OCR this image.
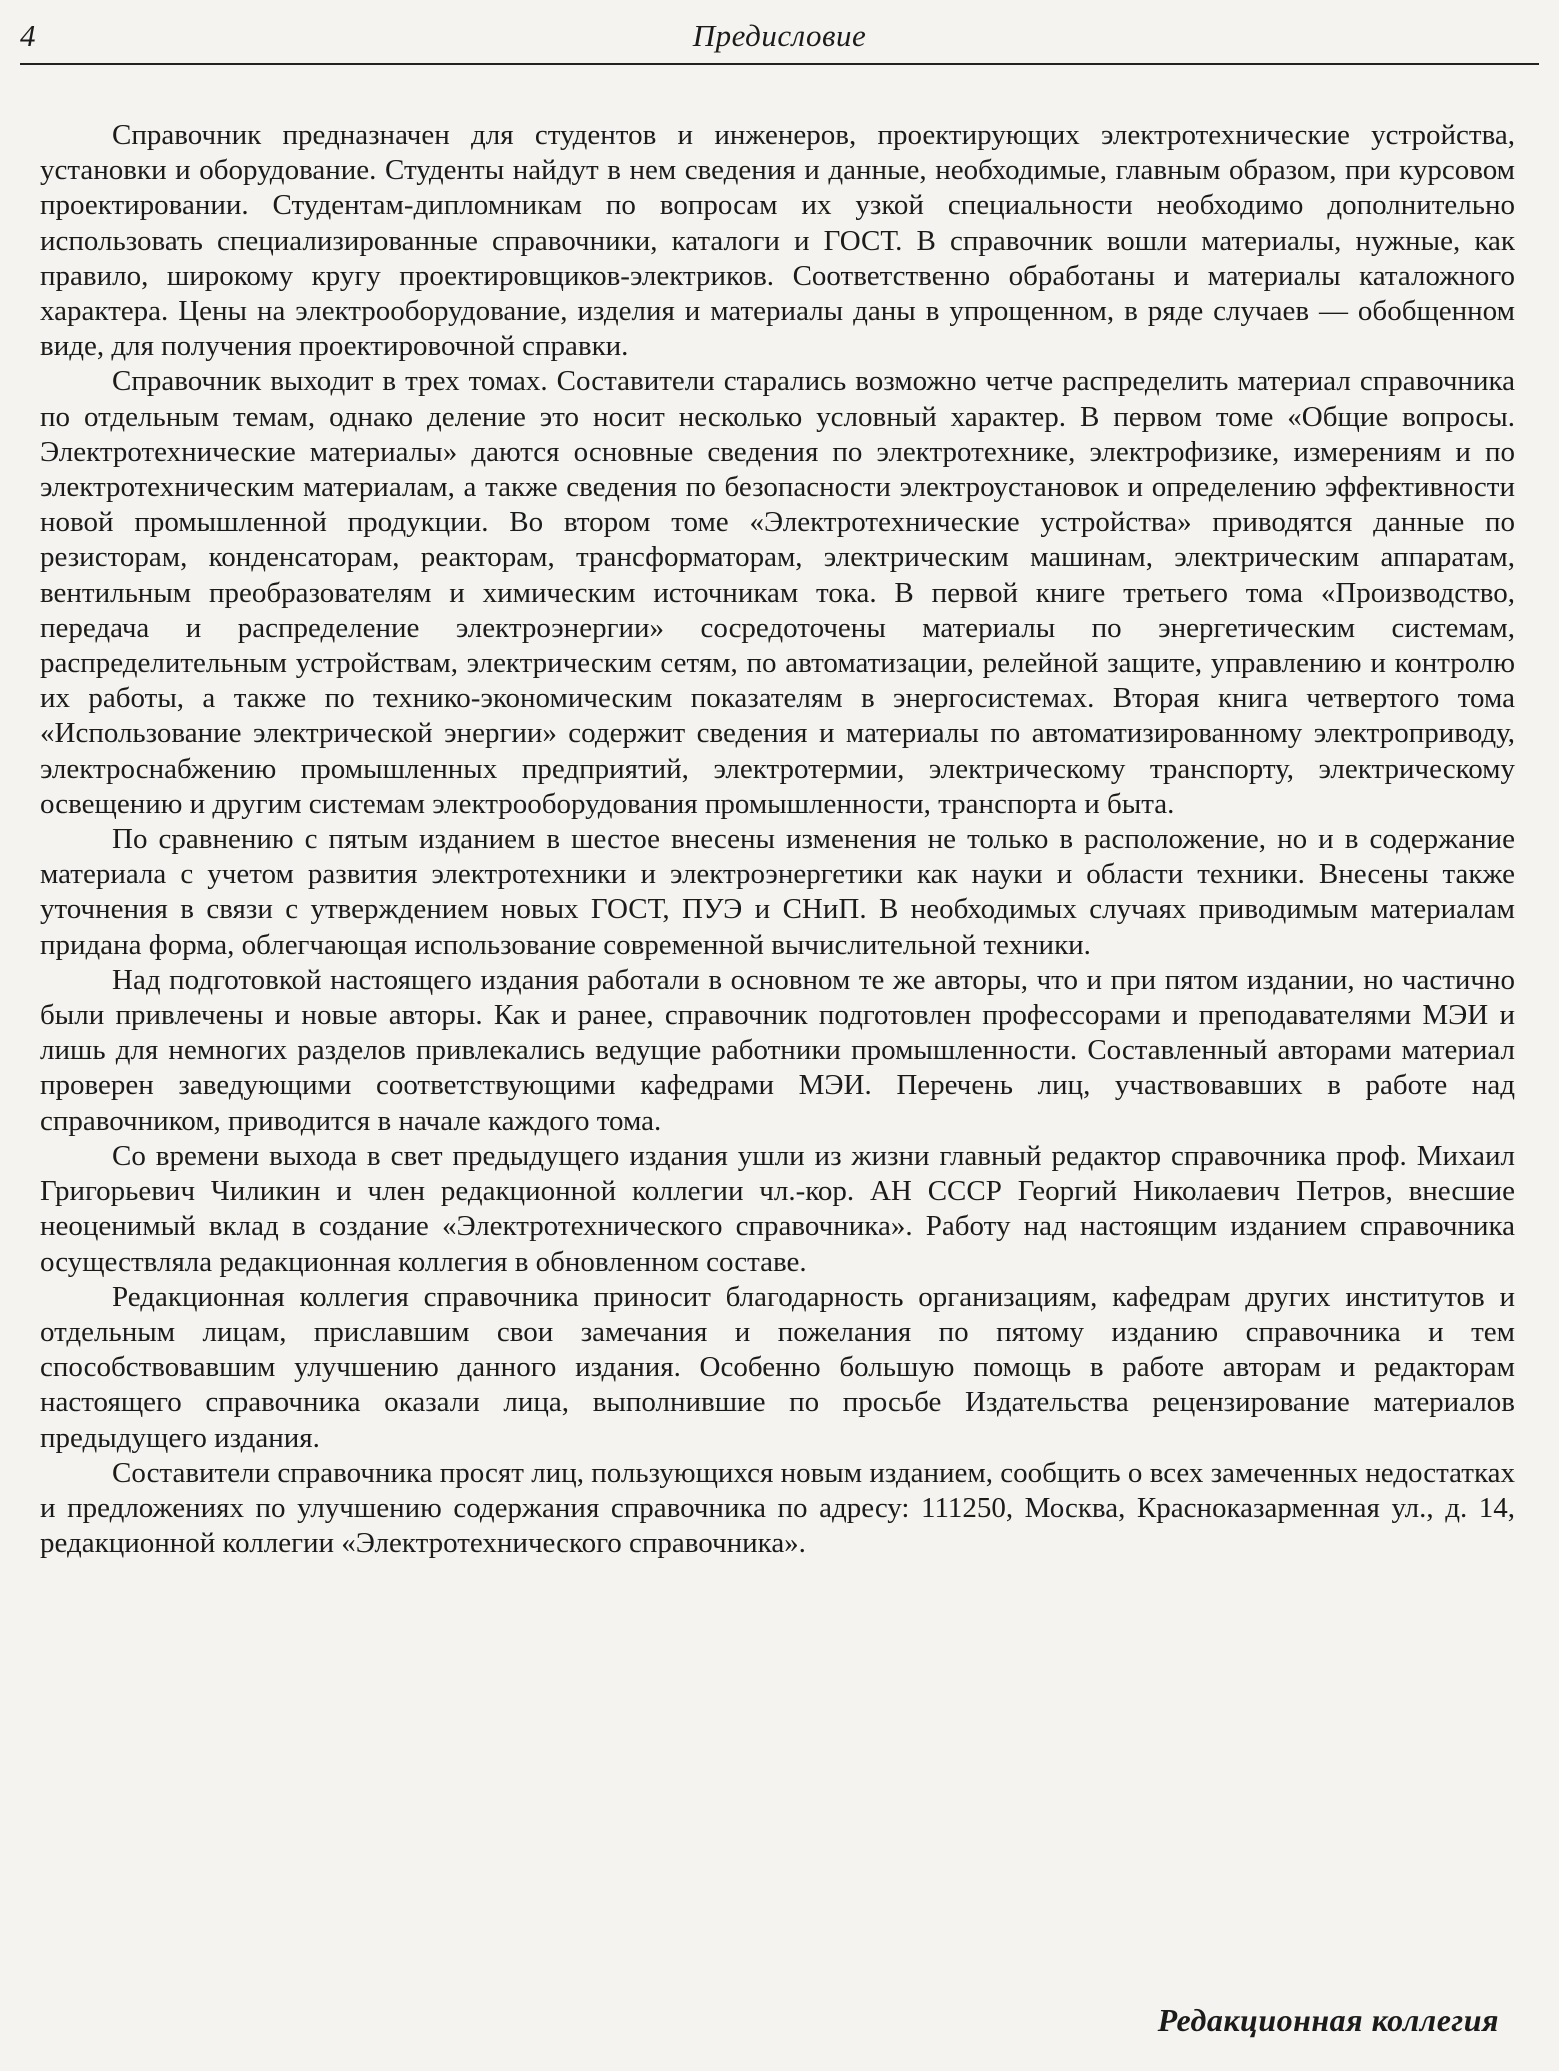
4	Предисловие

Справочник предназначен для студентов и инженеров, проектирующих электротехнические устройства, установки и оборудование. Студенты найдут в нем сведения и данные, необходимые, главным образом, при курсовом проектировании. Студентам-дипломникам по вопросам их узкой специальности необходимо дополнительно использовать специализированные справочники, каталоги и ГОСТ. В справочник вошли материалы, нужные, как правило, широкому кругу проектировщиков-электриков. Соответственно обработаны и материалы каталожного характера. Цены на электрооборудование, изделия и материалы даны в упрощенном, в ряде случаев — обобщенном виде, для получения проектировочной справки.

Справочник выходит в трех томах. Составители старались возможно четче распределить материал справочника по отдельным темам, однако деление это носит несколько условный характер. В первом томе «Общие вопросы. Электротехнические материалы» даются основные сведения по электротехнике, электрофизике, измерениям и по электротехническим материалам, а также сведения по безопасности электроустановок и определению эффективности новой промышленной продукции. Во втором томе «Электротехнические устройства» приводятся данные по резисторам, конденсаторам, реакторам, трансформаторам, электрическим машинам, электрическим аппаратам, вентильным преобразователям и химическим источникам тока. В первой книге третьего тома «Производство, передача и распределение электроэнергии» сосредоточены материалы по энергетическим системам, распределительным устройствам, электрическим сетям, по автоматизации, релейной защите, управлению и контролю их работы, а также по технико-экономическим показателям в энергосистемах. Вторая книга четвертого тома «Использование электрической энергии» содержит сведения и материалы по автоматизированному электроприводу, электроснабжению промышленных предприятий, электротермии, электрическому транспорту, электрическому освещению и другим системам электрооборудования промышленности, транспорта и быта.

По сравнению с пятым изданием в шестое внесены изменения не только в расположение, но и в содержание материала с учетом развития электротехники и электроэнергетики как науки и области техники. Внесены также уточнения в связи с утверждением новых ГОСТ, ПУЭ и СНиП. В необходимых случаях приводимым материалам придана форма, облегчающая использование современной вычислительной техники.

Над подготовкой настоящего издания работали в основном те же авторы, что и при пятом издании, но частично были привлечены и новые авторы. Как и ранее, справочник подготовлен профессорами и преподавателями МЭИ и лишь для немногих разделов привлекались ведущие работники промышленности. Составленный авторами материал проверен заведующими соответствующими кафедрами МЭИ. Перечень лиц, участвовавших в работе над справочником, приводится в начале каждого тома.

Со времени выхода в свет предыдущего издания ушли из жизни главный редактор справочника проф. Михаил Григорьевич Чиликин и член редакционной коллегии чл.-кор. АН СССР Георгий Николаевич Петров, внесшие неоценимый вклад в создание «Электротехнического справочника». Работу над настоящим изданием справочника осуществляла редакционная коллегия в обновленном составе.

Редакционная коллегия справочника приносит благодарность организациям, кафедрам других институтов и отдельным лицам, приславшим свои замечания и пожелания по пятому изданию справочника и тем способствовавшим улучшению данного издания. Особенно большую помощь в работе авторам и редакторам настоящего справочника оказали лица, выполнившие по просьбе Издательства рецензирование материалов предыдущего издания.

Составители справочника просят лиц, пользующихся новым изданием, сообщить о всех замеченных недостатках и предложениях по улучшению содержания справочника по адресу: 111250, Москва, Красноказарменная ул., д. 14, редакционной коллегии «Электротехнического справочника».

Редакционная коллегия
